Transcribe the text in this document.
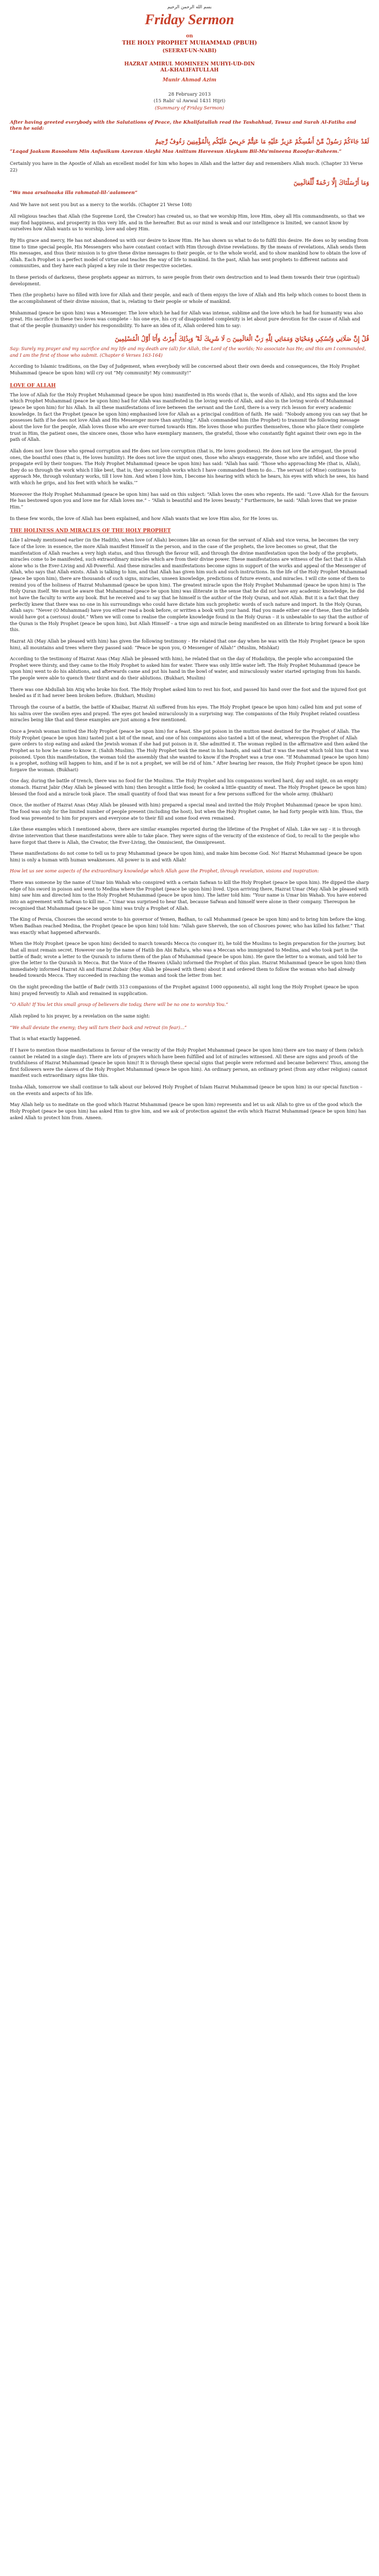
بسم الله الرحمن الرحيم
Friday Sermon
on
THE HOLY PROPHET MUHAMMAD (PBUH)
(SEERAT-UN-NABI)
HAZRAT AMIRUL MOMINEEN MUHYI-UD-DIN
AL-KHALIFATULLAH
Munir Ahmad Azim
28 February 2013
(15 Rabi' ul Awwal 1431 Hijri)
(Summary of Friday Sermon)
After having greeted everybody with the Salutations of Peace, the Khalifatullah read the Tashahhud, Tawuz and Surah Al-Fatiha and then he said:
لَقَدْ جَاءَكُمْ رَسُولٌ مِّنْ أَنفُسِكُمْ عَزِيزٌ عَلَيْهِ مَا عَنِتُّمْ حَرِيصٌ عَلَيْكُم بِالْمُؤْمِنِينَ رَءُوفٌ رَّحِيمٌ
“Laqad Jaakum Rasoolum Min Anfusikum Azeezun Alayhi Maa Anittum Hareesun Alaykum Bil-Mu'mineena Raoofur-Raheem.”

Certainly you have in the Apostle of Allah an excellent model for him who hopes in Allah and the latter day and remembers Allah much. (Chapter 33 Verse 22)

وَمَا أَرْسَلْنَاكَ إِلَّا رَحْمَةً لِّلْعَالَمِينَ
“Wa maa arsalnaaka illa rahmatal-lil-‘aalameen”

And We have not sent you but as a mercy to the worlds. (Chapter 21 Verse 108)

All religious teaches that Allah (the Supreme Lord, the Creator) has created us, so that we worship Him, love Him, obey all His commandments, so that we may find happiness, and prosperity in this very life, and in the hereafter. But as our mind is weak and our intelligence is limited, we cannot know by ourselves how Allah wants us to worship, love and obey Him.

By His grace and mercy, He has not abandoned us with our desire to know Him. He has shown us what to do to fulfil this desire. He does so by sending from time to time special people, His Messengers who have constant contact with Him through divine revelations. By the means of revelations, Allah sends them His messages, and thus their mission is to give these divine messages to their people, or to the whole world, and to show mankind how to obtain the love of Allah. Each Prophet is a perfect model of virtue and teaches the way of life to mankind. In the past, Allah has sent prophets to different nations and communities, and they have each played a key role in their respective societies.

In these periods of darkness, these prophets appear as mirrors, to save people from their own destruction and to lead them towards their true (spiritual) development.

Then (the prophets) have no filled with love for Allah and their people, and each of them enjoys the love of Allah and His help which comes to boost them in the accomplishment of their divine mission, that is, relating to their people or whole of mankind.

Muhammad (peace be upon him) was a Messenger. The love which he had for Allah was intense, sublime and the love which he had for humanity was also great. His sacrifice in these two loves was complete – his one eye, his cry of disappointed complexity is let about pure devotion for the cause of Allah and that of the people (humanity) under his responsibility. To have an idea of it, Allah ordered him to say:

قُلْ إِنَّ صَلَاتِي وَنُسُكِي وَمَحْيَايَ وَمَمَاتِي لِلَّهِ رَبِّ الْعَالَمِينَ ۝ لَا شَرِيكَ لَهُ ۖ وَبِذَٰلِكَ أُمِرْتُ وَأَنَا أَوَّلُ الْمُسْلِمِينَ

Say: Surely my prayer and my sacrifice and my life and my death are (all) for Allah, the Lord of the worlds; No associate has He; and this am I commanded, and I am the first of those who submit. (Chapter 6 Verses 163-164)

According to Islamic traditions, on the Day of Judgement, when everybody will be concerned about their own deeds and consequences, the Holy Prophet Muhammad (peace be upon him) will cry out “My community! My community!”

LOVE OF ALLAH

The love of Allah for the Holy Prophet Muhammad (peace be upon him) manifested in His words (that is, the words of Allah), and His signs and the love which Prophet Muhammad (peace be upon him) had for Allah was manifested in the loving words of Allah, and also in the loving words of Muhammad (peace be upon him) for his Allah. In all these manifestations of love between the servant and the Lord, there is a very rich lesson for every academic knowledge. In fact the Prophet (peace be upon him) emphasised love for Allah as a principal condition of faith. He said: “Nobody among you can say that he possesses faith if he does not love Allah and His Messenger more than anything.” Allah commanded him (the Prophet) to transmit the following message about the love for the people, Allah loves those who are ever-turned towards Him. He loves those who purifies themselves, those who place their complete trust in Him, the patient ones, the sincere ones, those who have exemplary manners, the grateful, those who constantly fight against their own ego in the path of Allah.

Allah does not love those who spread corruption and He does not love corruption (that is, He loves goodness). He does not love the arrogant, the proud ones, the boastful ones (that is, He loves humility). He does not love the unjust ones, those who always exaggerate, those who are infidel, and those who propagate evil by their tongues. The Holy Prophet Muhammad (peace be upon him) has said: “Allah has said: ‘Those who approaching Me (that is, Allah), they do so through the work which I like best, that is, they accomplish works which I have commanded them to do... The servant (of Mine) continues to approach Me, through voluntary works, till I love him. And when I love him, I become his hearing with which he hears, his eyes with which he sees, his hand with which he grips, and his feet with which he walks.’”

Moreover the Holy Prophet Muhammad (peace be upon him) has said on this subject: “Allah loves the ones who repents. He said: “Love Allah for the favours He has bestowed upon you and love me for Allah loves me.” – “Allah is beautiful and He loves beauty.” Furthermore, he said: “Allah loves that we praise Him.”

In these few words, the love of Allah has been explained, and how Allah wants that we love Him also, for He loves us.

THE HOLINESS AND MIRACLES OF THE HOLY PROPHET

Like I already mentioned earlier (in the Hadith), when love (of Allah) becomes like an ocean for the servant of Allah and vice versa, he becomes the very face of the love: in essence, the more Allah manifest Himself in the person, and in the case of the prophets, the love becomes so great, that the manifestation of Allah reaches a very high status, and thus through the favour will, and through the divine manifestation upon the body of the prophets, miracles come to be manifested, such extraordinary miracles which are from their divine power. These manifestations are witness of the fact that it is Allah alone who is the Ever-Living and All-Powerful. And these miracles and manifestations become signs in support of the works and appeal of the Messenger of Allah, who says that Allah exists. Allah is talking to him, and that Allah has given him such and such instructions. In the life of the Holy Prophet Muhammad (peace be upon him), there are thousands of such signs, miracles, unseen knowledge, predictions of future events, and miracles. I will cite some of them to remind you of the holiness of Hazrat Muhammad (peace be upon him). The greatest miracle upon the Holy Prophet Muhammad (peace be upon him) is The Holy Quran itself. We must be aware that Muhammad (peace be upon him) was illiterate in the sense that he did not have any academic knowledge, he did not have the faculty to write any book. But he received and to say that he himself is the author of the Holy Quran, and not Allah. But it is a fact that they perfectly knew that there was no one in his surroundings who could have dictate him such prophetic words of such nature and import. In the Holy Quran, Allah says: “Never (O Muhammad) have you either read a book before, or written a book with your hand. Had you made either one of these, then the infidels would have got a (serious) doubt.” When we will come to realise the complete knowledge found in the Holy Quran – it is unbeatable to say that the author of the Quran is the Holy Prophet (peace be upon him), but Allah Himself – a true sign and miracle being manifested on an illiterate to bring forward a book like this.

Hazrat Ali (May Allah be pleased with him) has given the following testimony – He related that one day when he was with the Holy Prophet (peace be upon him), all mountains and trees where they passed said: “Peace be upon you, O Messenger of Allah!” (Muslim, Mishkat)

According to the testimony of Hazrat Anas (May Allah be pleased with him), he related that on the day of Hudaibiya, the people who accompanied the Prophet were thirsty, and they came to the Holy Prophet to asked him for water. There was only little water left. The Holy Prophet Muhammad (peace be upon him) went to do his ablutions, and afterwards came and put his hand in the bowl of water, and miraculously water started springing from his hands. The people were able to quench their thirst and do their ablutions. (Bukhari, Muslim)

There was one Abdullah bin Atiq who broke his foot. The Holy Prophet asked him to rest his foot, and passed his hand over the foot and the injured foot got healed as if it had never been broken before. (Bukhari, Muslim)

Through the course of a battle, the battle of Khaibar, Hazrat Ali suffered from his eyes. The Holy Prophet (peace be upon him) called him and put some of his saliva over the swollen eyes and prayed. The eyes got healed miraculously in a surprising way. The companions of the Holy Prophet related countless miracles being like that and these examples are just among a few mentioned.

Once a Jewish woman invited the Holy Prophet (peace be upon him) for a feast. She put poison in the mutton meat destined for the Prophet of Allah. The Holy Prophet (peace be upon him) tasted just a bit of the meat, and one of his companions also tasted a bit of the meat, whereupon the Prophet of Allah gave orders to stop eating and asked the Jewish woman if she had put poison in it. She admitted it. The woman replied in the affirmative and then asked the Prophet as to how he came to know it. (Sahih Muslim). The Holy Prophet took the meat in his hands, and said that it was the meat which told him that it was poisoned. Upon this manifestation, the woman told the assembly that she wanted to know if the Prophet was a true one. “If Muhammad (peace be upon him) is a prophet, nothing will happen to him, and if he is not a prophet, we will be rid of him.” After hearing her reason, the Holy Prophet (peace be upon him) forgave the woman. (Bukhari)

One day, during the battle of trench, there was no food for the Muslims. The Holy Prophet and his companions worked hard, day and night, on an empty stomach. Hazrat Jabir (May Allah be pleased with him) then brought a little food; he cooked a little quantity of meat. The Holy Prophet (peace be upon him) blessed the food and a miracle took place. The small quantity of food that was meant for a few persons sufficed for the whole army. (Bukhari)

Once, the mother of Hazrat Anas (May Allah be pleased with him) prepared a special meal and invited the Holy Prophet Muhammad (peace be upon him). The food was only for the limited number of people present (including the host), but when the Holy Prophet came, he had forty people with him. Thus, the food was presented to him for prayers and everyone ate to their fill and some food even remained.

Like these examples which I mentioned above, there are similar examples reported during the lifetime of the Prophet of Allah. Like we say – it is through divine intervention that these manifestations were able to take place. They were signs of the veracity of the existence of God, to recall to the people who have forgot that there is Allah, the Creator, the Ever-Living, the Omniscient, the Omnipresent.

These manifestations do not come to tell us to pray Muhammad (peace be upon him), and make him become God. No! Hazrat Muhammad (peace be upon him) is only a human with human weaknesses. All power is in and with Allah!

How let us see some aspects of the extraordinary knowledge which Allah gave the Prophet, through revelation, visions and inspiration:

There was someone by the name of Umar bin Wahab who conspired with a certain Safwan to kill the Holy Prophet (peace be upon him). He dipped the sharp edge of his sword in poison and went to Medina where the Prophet (peace be upon him) lived. Upon arriving there, Hazrat Umar (May Allah be pleased with him) saw him and directed him to the Holy Prophet Muhammad (peace be upon him). The latter told him: “Your name is Umar bin Wahab. You have entered into an agreement with Safwan to kill me...” Umar was surprised to hear that, because Safwan and himself were alone in their company. Thereupon he recognised that Muhammad (peace be upon him) was truly a Prophet of Allah.

The King of Persia, Chosroes the second wrote to his governor of Yemen, Badhan, to call Muhammad (peace be upon him) and to bring him before the king. When Badhan reached Medina, the Prophet (peace be upon him) told him: “Allah gave Sherveh, the son of Chosroes power, who has killed his father.” That was exactly what happened afterwards.

When the Holy Prophet (peace be upon him) decided to march towards Mecca (to conquer it), he told the Muslims to begin preparation for the journey, but that all must remain secret. However one by the name of Hatib ibn Abi Balta'a, who was a Meccan who immigrated to Medina, and who took part in the battle of Badr, wrote a letter to the Quraish to inform them of the plan of Muhammad (peace be upon him). He gave the letter to a woman, and told her to give the letter to the Quraish in Mecca. But the Voice of the Heaven (Allah) informed the Prophet of this plan. Hazrat Muhammad (peace be upon him) then immediately informed Hazrat Ali and Hazrat Zubair (May Allah be pleased with them) about it and ordered them to follow the woman who had already headed towards Mecca. They succeeded in reaching the woman and took the letter from her.

On the night preceding the battle of Badr (with 313 companions of the Prophet against 1000 opponents), all night long the Holy Prophet (peace be upon him) prayed fervently to Allah and remained in supplication.

“O Allah! If You let this small group of believers die today, there will be no one to worship You.”

Allah replied to his prayer, by a revelation on the same night:

“We shall deviate the enemy; they will turn their back and retreat (in fear)...”

That is what exactly happened.

If I have to mention those manifestations in favour of the veracity of the Holy Prophet Muhammad (peace be upon him) there are too many of them (which cannot be related in a single day). There are lots of prayers which have been fulfilled and lot of miracles witnessed. All these are signs and proofs of the truthfulness of Hazrat Muhammad (peace be upon him)! It is through these special signs that people were reformed and became believers! Thus, among the first followers were the slaves of the Holy Prophet Muhammad (peace be upon him). An ordinary person, an ordinary priest (from any other religion) cannot manifest such extraordinary signs like this.

Insha-Allah, tomorrow we shall continue to talk about our beloved Holy Prophet of Islam Hazrat Muhammad (peace be upon him) in our special function – on the events and aspects of his life.

May Allah help us to meditate on the good which Hazrat Muhammad (peace be upon him) represents and let us ask Allah to give us of the good which the Holy Prophet (peace be upon him) has asked Him to give him, and we ask of protection against the evils which Hazrat Muhammad (peace be upon him) has asked Allah to protect him from. Ameen.
